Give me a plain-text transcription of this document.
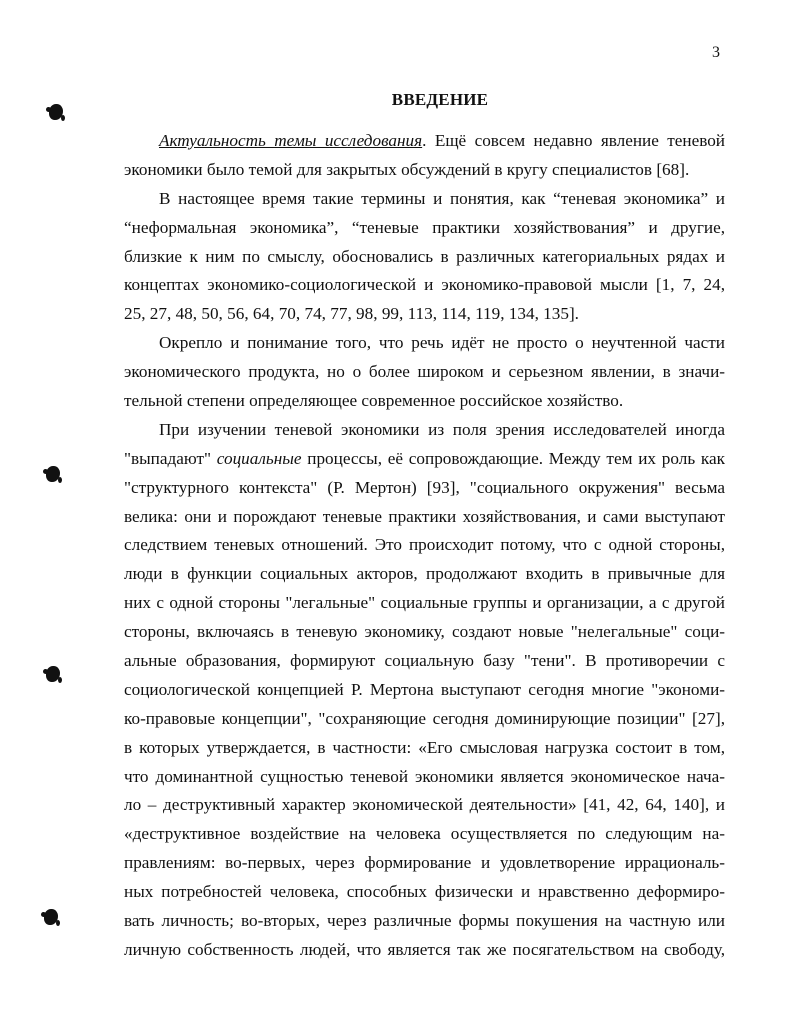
3
ВВЕДЕНИЕ
Актуальность темы исследования. Ещё совсем недавно явление теневой
экономики было темой для закрытых обсуждений в кругу специалистов [68].
В настоящее время такие термины и понятия, как “теневая экономика” и
“неформальная экономика”, “теневые практики хозяйствования” и другие,
близкие к ним по смыслу, обосновались в различных категориальных рядах и
концептах экономико-социологической и экономико-правовой мысли [1, 7, 24,
25, 27, 48, 50, 56, 64, 70, 74, 77, 98, 99, 113, 114, 119, 134, 135].
Окрепло и понимание того, что речь идёт не просто о неучтенной части
экономического продукта, но о более широком и серьезном явлении, в значи-
тельной степени определяющее современное российское хозяйство.
При изучении теневой экономики из поля зрения исследователей иногда
"выпадают" социальные процессы, её сопровождающие. Между тем их роль как
"структурного контекста" (Р. Мертон) [93], "социального окружения" весьма
велика: они и порождают теневые практики хозяйствования, и сами выступают
следствием теневых отношений. Это происходит потому, что с одной стороны,
люди в функции социальных акторов, продолжают входить в привычные для
них с одной стороны "легальные" социальные группы и организации, а с другой
стороны, включаясь в теневую экономику, создают новые "нелегальные" соци-
альные образования, формируют социальную базу "тени". В противоречии с
социологической концепцией Р. Мертона выступают сегодня многие "экономи-
ко-правовые концепции", "сохраняющие сегодня доминирующие позиции" [27],
в которых утверждается, в частности: «Его смысловая нагрузка состоит в том,
что доминантной сущностью теневой экономики является экономическое нача-
ло – деструктивный характер экономической деятельности» [41, 42, 64, 140], и
«деструктивное воздействие на человека осуществляется по следующим на-
правлениям: во-первых, через формирование и удовлетворение иррациональ-
ных потребностей человека, способных физически и нравственно деформиро-
вать личность; во-вторых, через различные формы покушения на частную или
личную собственность людей, что является так же посягательством на свободу,
